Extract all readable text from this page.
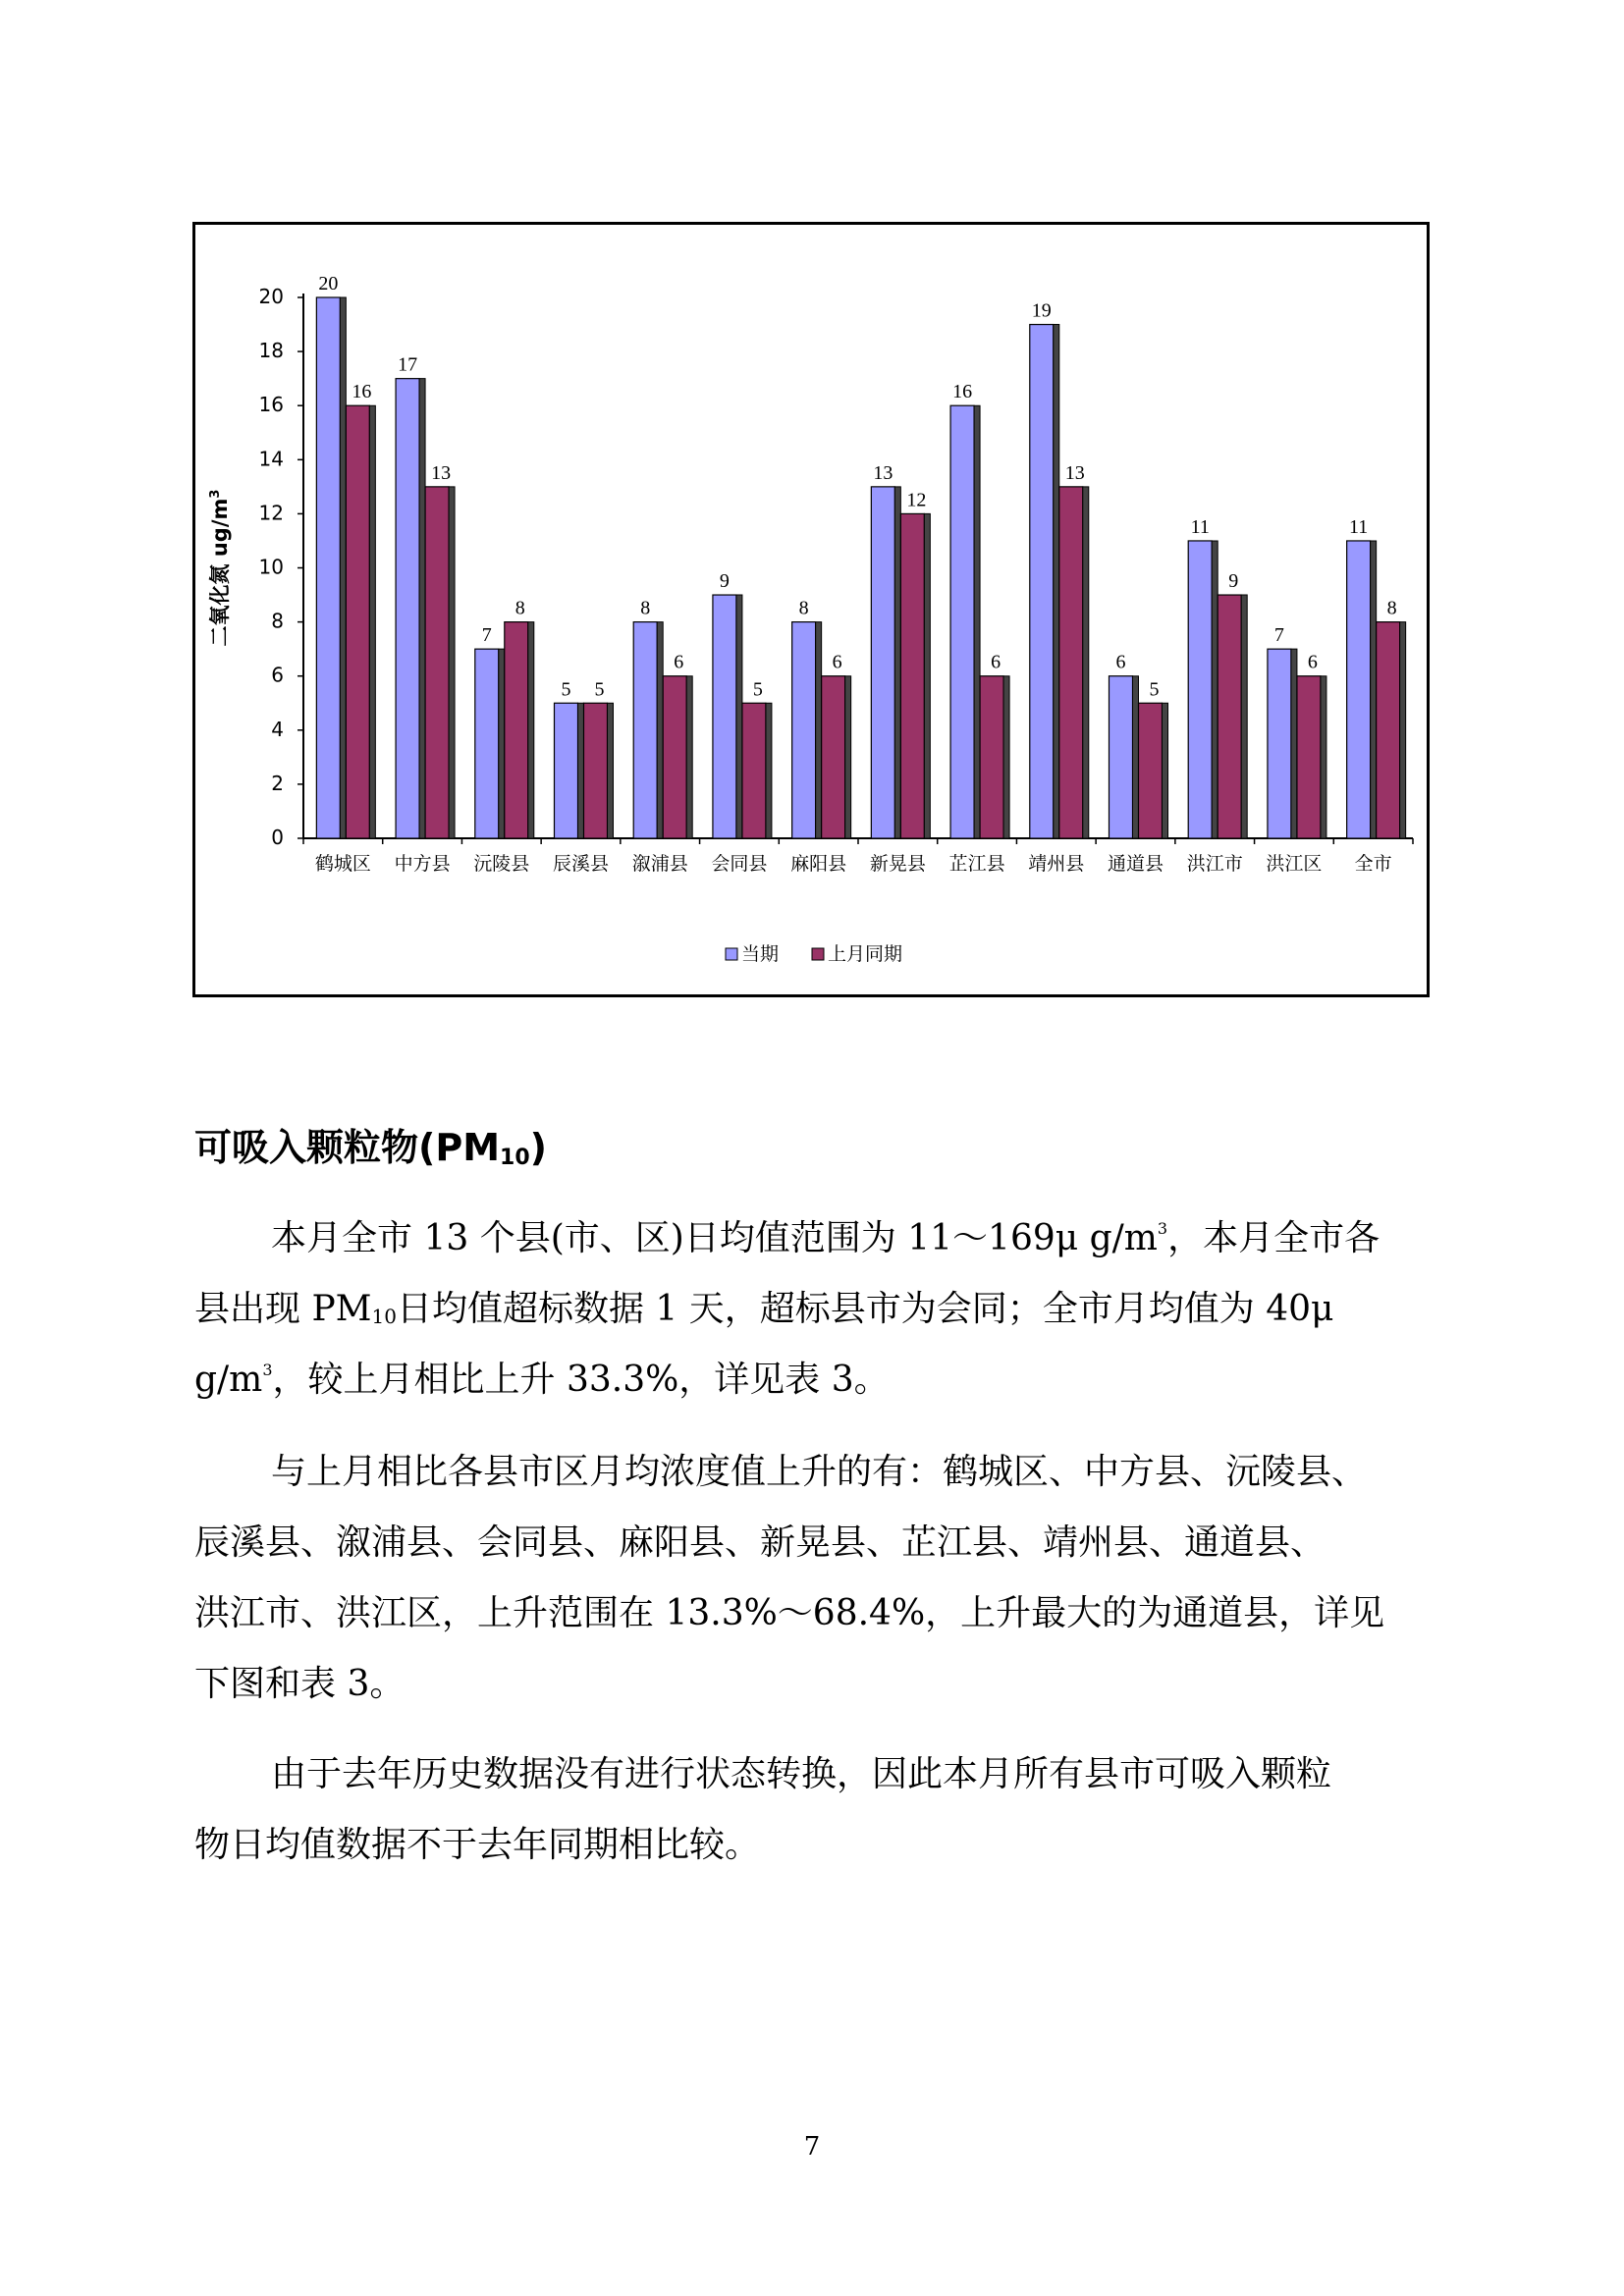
0
2
4
6
8
10
12
14
16
18
20
二氧化氮 $ug/m^3$
20
16
鹤城区
17
13
中方县
7
8
沅陵县
5 5
辰溪县
8
6
溆浦县
9
5
会同县
8
6
麻阳县
13
12
新晃县
16
6
芷江县
19
13
靖州县
6
5
通道县
11
9
洪江市
7
6
洪江区
11
8
全市
当期	上月同期
可吸入颗粒物$(PM_{10})$
本月全市 13 个县(市、区)日均值范围为 11～169μ $g/m^3$，本月全市各
县出现 $PM_{10}$日均值超标数据 1 天，超标县市为会同；全市月均值为 40μ
$g/m^3$，较上月相比上升 33.3%，详见表 3。
与上月相比各县市区月均浓度值上升的有：鹤城区、中方县、沅陵县、
辰溪县、溆浦县、会同县、麻阳县、新晃县、芷江县、靖州县、通道县、
洪江市、洪江区，上升范围在 13.3%～68.4%，上升最大的为通道县，详见
下图和表 3。
由于去年历史数据没有进行状态转换，因此本月所有县市可吸入颗粒
物日均值数据不于去年同期相比较。
7
